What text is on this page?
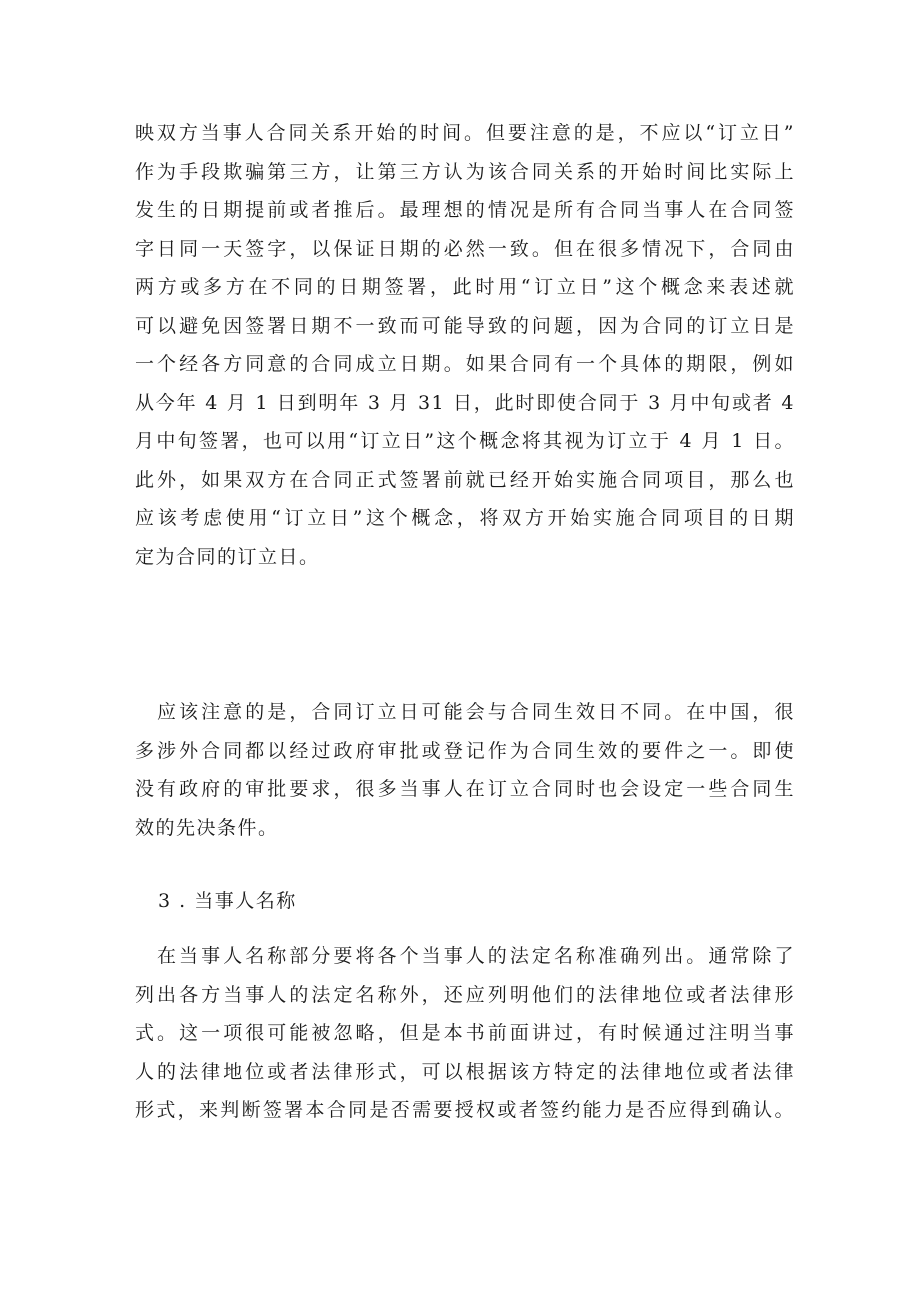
映双方当事人合同关系开始的时间。但要注意的是，不应以“订立日”
作为手段欺骗第三方，让第三方认为该合同关系的开始时间比实际上
发生的日期提前或者推后。最理想的情况是所有合同当事人在合同签
字日同一天签字，以保证日期的必然一致。但在很多情况下，合同由
两方或多方在不同的日期签署，此时用“订立日”这个概念来表述就
可以避免因签署日期不一致而可能导致的问题，因为合同的订立日是
一个经各方同意的合同成立日期。如果合同有一个具体的期限，例如
从今年 4 月 1 日到明年 3 月 31 日，此时即使合同于 3 月中旬或者 4
月中旬签署，也可以用“订立日”这个概念将其视为订立于 4 月 1 日。
此外，如果双方在合同正式签署前就已经开始实施合同项目，那么也
应该考虑使用“订立日”这个概念，将双方开始实施合同项目的日期
定为合同的订立日。
应该注意的是，合同订立日可能会与合同生效日不同。在中国，很
多涉外合同都以经过政府审批或登记作为合同生效的要件之一。即使
没有政府的审批要求，很多当事人在订立合同时也会设定一些合同生
效的先决条件。
3 . 当事人名称
在当事人名称部分要将各个当事人的法定名称准确列出。通常除了
列出各方当事人的法定名称外，还应列明他们的法律地位或者法律形
式。这一项很可能被忽略，但是本书前面讲过，有时候通过注明当事
人的法律地位或者法律形式，可以根据该方特定的法律地位或者法律
形式，来判断签署本合同是否需要授权或者签约能力是否应得到确认。
